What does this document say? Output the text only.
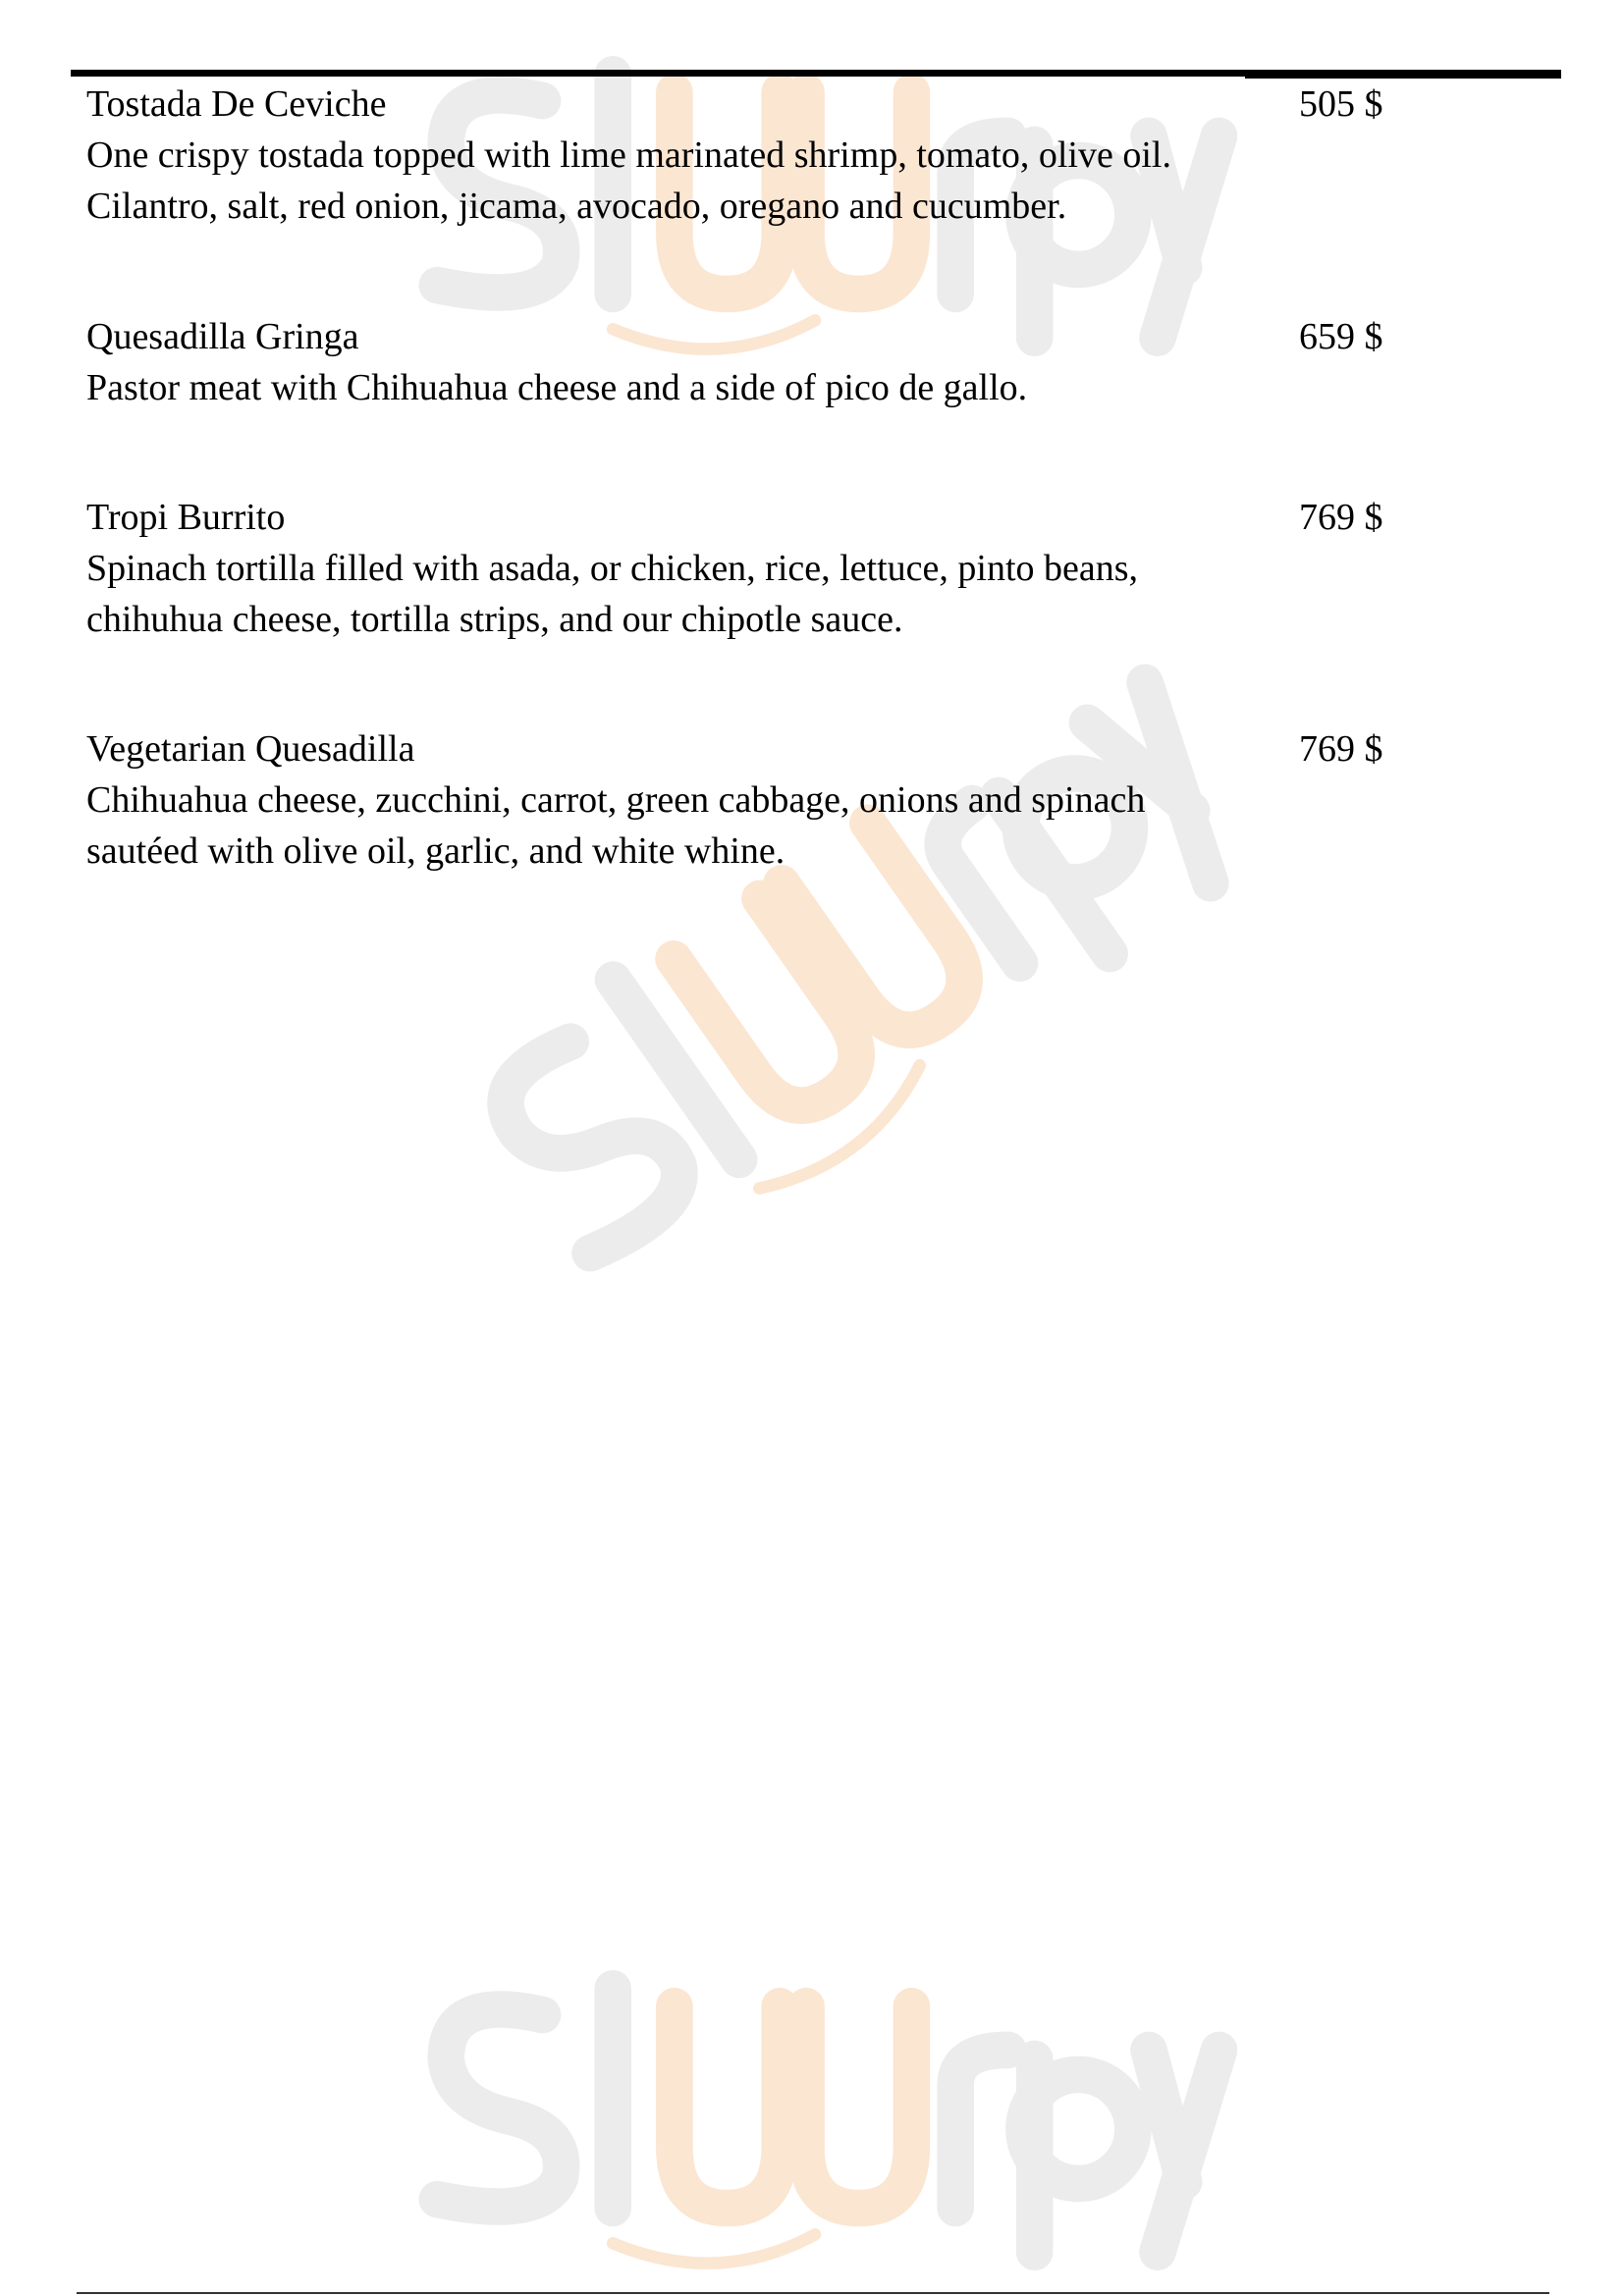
Tostada De Ceviche
One crispy tostada topped with lime marinated shrimp, tomato, olive oil. Cilantro, salt, red onion, jicama, avocado, oregano and cucumber.
505 $
Quesadilla Gringa
Pastor meat with Chihuahua cheese and a side of pico de gallo.
659 $
Tropi Burrito
Spinach tortilla filled with asada, or chicken, rice, lettuce, pinto beans, chihuhua cheese, tortilla strips, and our chipotle sauce.
769 $
Vegetarian Quesadilla
Chihuahua cheese, zucchini, carrot, green cabbage, onions and spinach sautéed with olive oil, garlic, and white whine.
769 $
